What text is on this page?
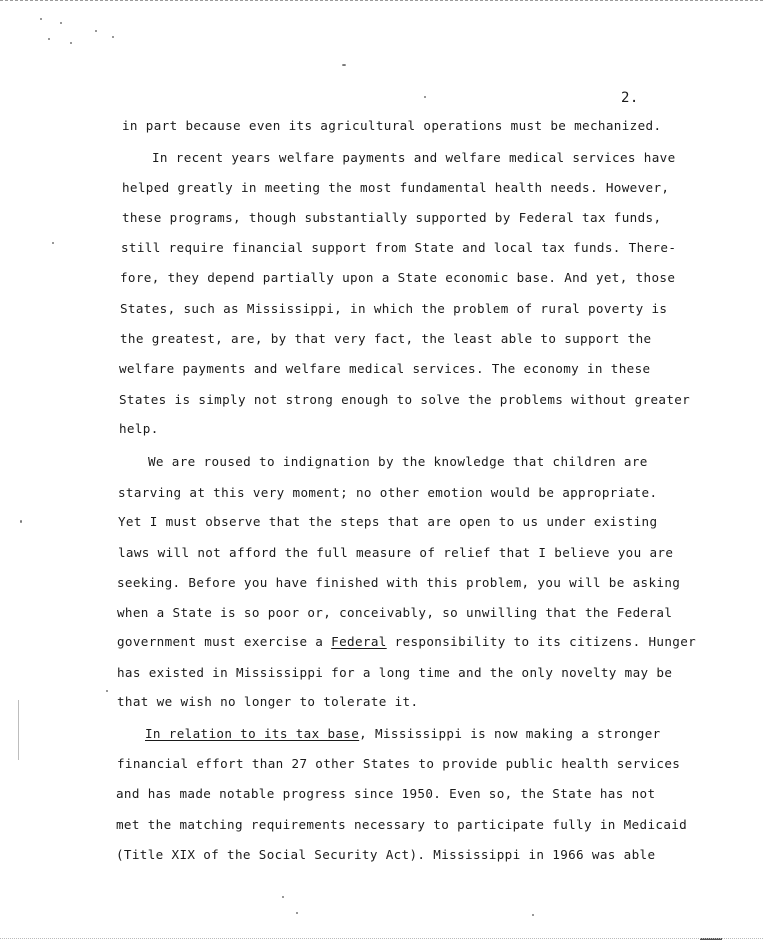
2.
in part because even its agricultural operations must be mechanized.
In recent years welfare payments and welfare medical services have
helped greatly in meeting the most fundamental health needs. However,
these programs, though substantially supported by Federal tax funds,
still require financial support from State and local tax funds. There-
fore, they depend partially upon a State economic base. And yet, those
States, such as Mississippi, in which the problem of rural poverty is
the greatest, are, by that very fact, the least able to support the
welfare payments and welfare medical services. The economy in these
States is simply not strong enough to solve the problems without greater
help.
We are roused to indignation by the knowledge that children are
starving at this very moment; no other emotion would be appropriate.
Yet I must observe that the steps that are open to us under existing
laws will not afford the full measure of relief that I believe you are
seeking. Before you have finished with this problem, you will be asking
when a State is so poor or, conceivably, so unwilling that the Federal
government must exercise a Federal responsibility to its citizens. Hunger
has existed in Mississippi for a long time and the only novelty may be
that we wish no longer to tolerate it.
In relation to its tax base, Mississippi is now making a stronger
financial effort than 27 other States to provide public health services
and has made notable progress since 1950. Even so, the State has not
met the matching requirements necessary to participate fully in Medicaid
(Title XIX of the Social Security Act). Mississippi in 1966 was able
